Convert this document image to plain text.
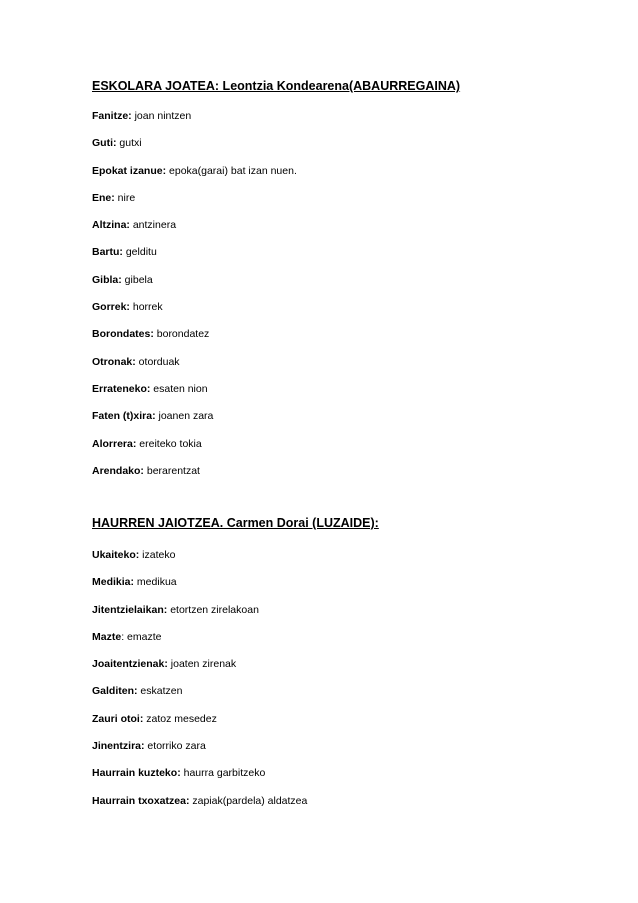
ESKOLARA JOATEA: Leontzia Kondearena(ABAURREGAINA)
Fanitze: joan nintzen
Guti: gutxi
Epokat izanue: epoka(garai) bat izan nuen.
Ene: nire
Altzina: antzinera
Bartu: gelditu
Gibla: gibela
Gorrek: horrek
Borondates: borondatez
Otronak: otorduak
Errateneko: esaten nion
Faten (t)xira: joanen zara
Alorrera: ereiteko tokia
Arendako: berarentzat
HAURREN JAIOTZEA. Carmen Dorai (LUZAIDE):
Ukaiteko: izateko
Medikia: medikua
Jitentzielaikan: etortzen zirelakoan
Mazte: emazte
Joaitentzienak: joaten zirenak
Galditen: eskatzen
Zauri otoi: zatoz mesedez
Jinentzira: etorriko zara
Haurrain kuzteko: haurra garbitzeko
Haurrain txoxatzea: zapiak(pardela) aldatzea
